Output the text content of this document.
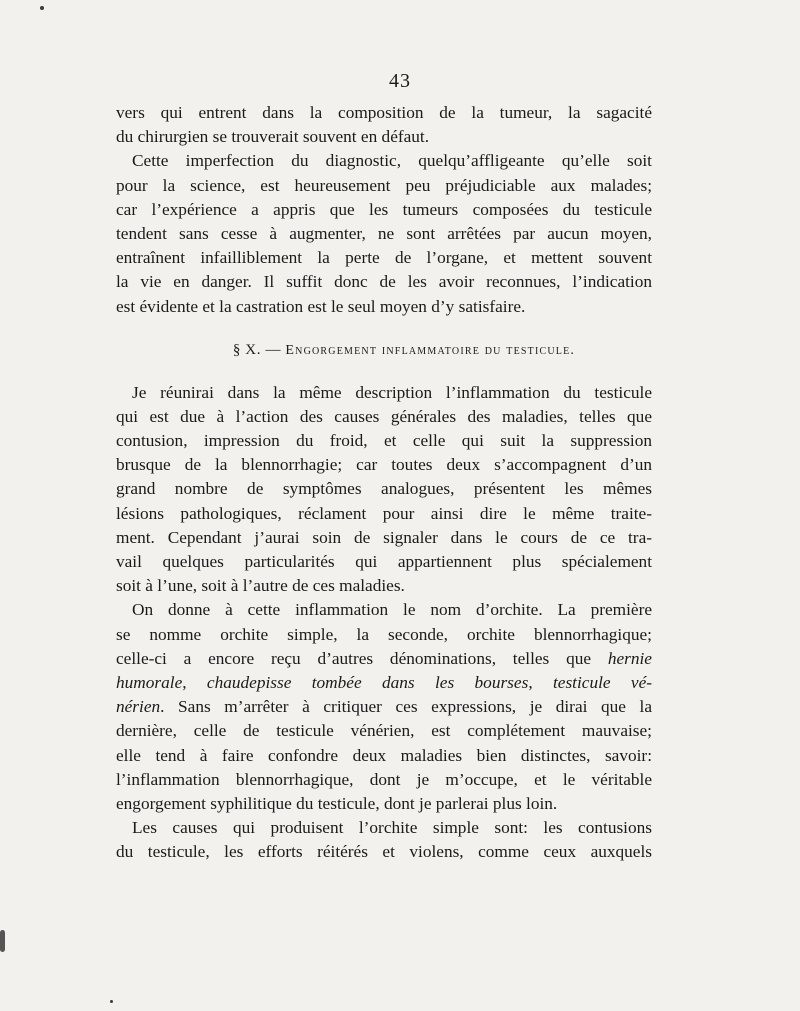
43
vers qui entrent dans la composition de la tumeur, la sagacité
du chirurgien se trouverait souvent en défaut.
Cette imperfection du diagnostic, quelqu’affligeante qu’elle soit
pour la science, est heureusement peu préjudiciable aux malades;
car l’expérience a appris que les tumeurs composées du testicule
tendent sans cesse à augmenter, ne sont arrêtées par aucun moyen,
entraînent infailliblement la perte de l’organe, et mettent souvent
la vie en danger. Il suffit donc de les avoir reconnues, l’indication
est évidente et la castration est le seul moyen d’y satisfaire.
§ X. — Engorgement inflammatoire du testicule.
Je réunirai dans la même description l’inflammation du testicule
qui est due à l’action des causes générales des maladies, telles que
contusion, impression du froid, et celle qui suit la suppression
brusque de la blennorrhagie; car toutes deux s’accompagnent d’un
grand nombre de symptômes analogues, présentent les mêmes
lésions pathologiques, réclament pour ainsi dire le même traite-
ment. Cependant j’aurai soin de signaler dans le cours de ce tra-
vail quelques particularités qui appartiennent plus spécialement
soit à l’une, soit à l’autre de ces maladies.
On donne à cette inflammation le nom d’orchite. La première
se nomme orchite simple, la seconde, orchite blennorrhagique;
celle-ci a encore reçu d’autres dénominations, telles que hernie
humorale, chaudepisse tombée dans les bourses, testicule vé-
nérien. Sans m’arrêter à critiquer ces expressions, je dirai que la
dernière, celle de testicule vénérien, est complétement mauvaise;
elle tend à faire confondre deux maladies bien distinctes, savoir:
l’inflammation blennorrhagique, dont je m’occupe, et le véritable
engorgement syphilitique du testicule, dont je parlerai plus loin.
Les causes qui produisent l’orchite simple sont: les contusions
du testicule, les efforts réitérés et violens, comme ceux auxquels
